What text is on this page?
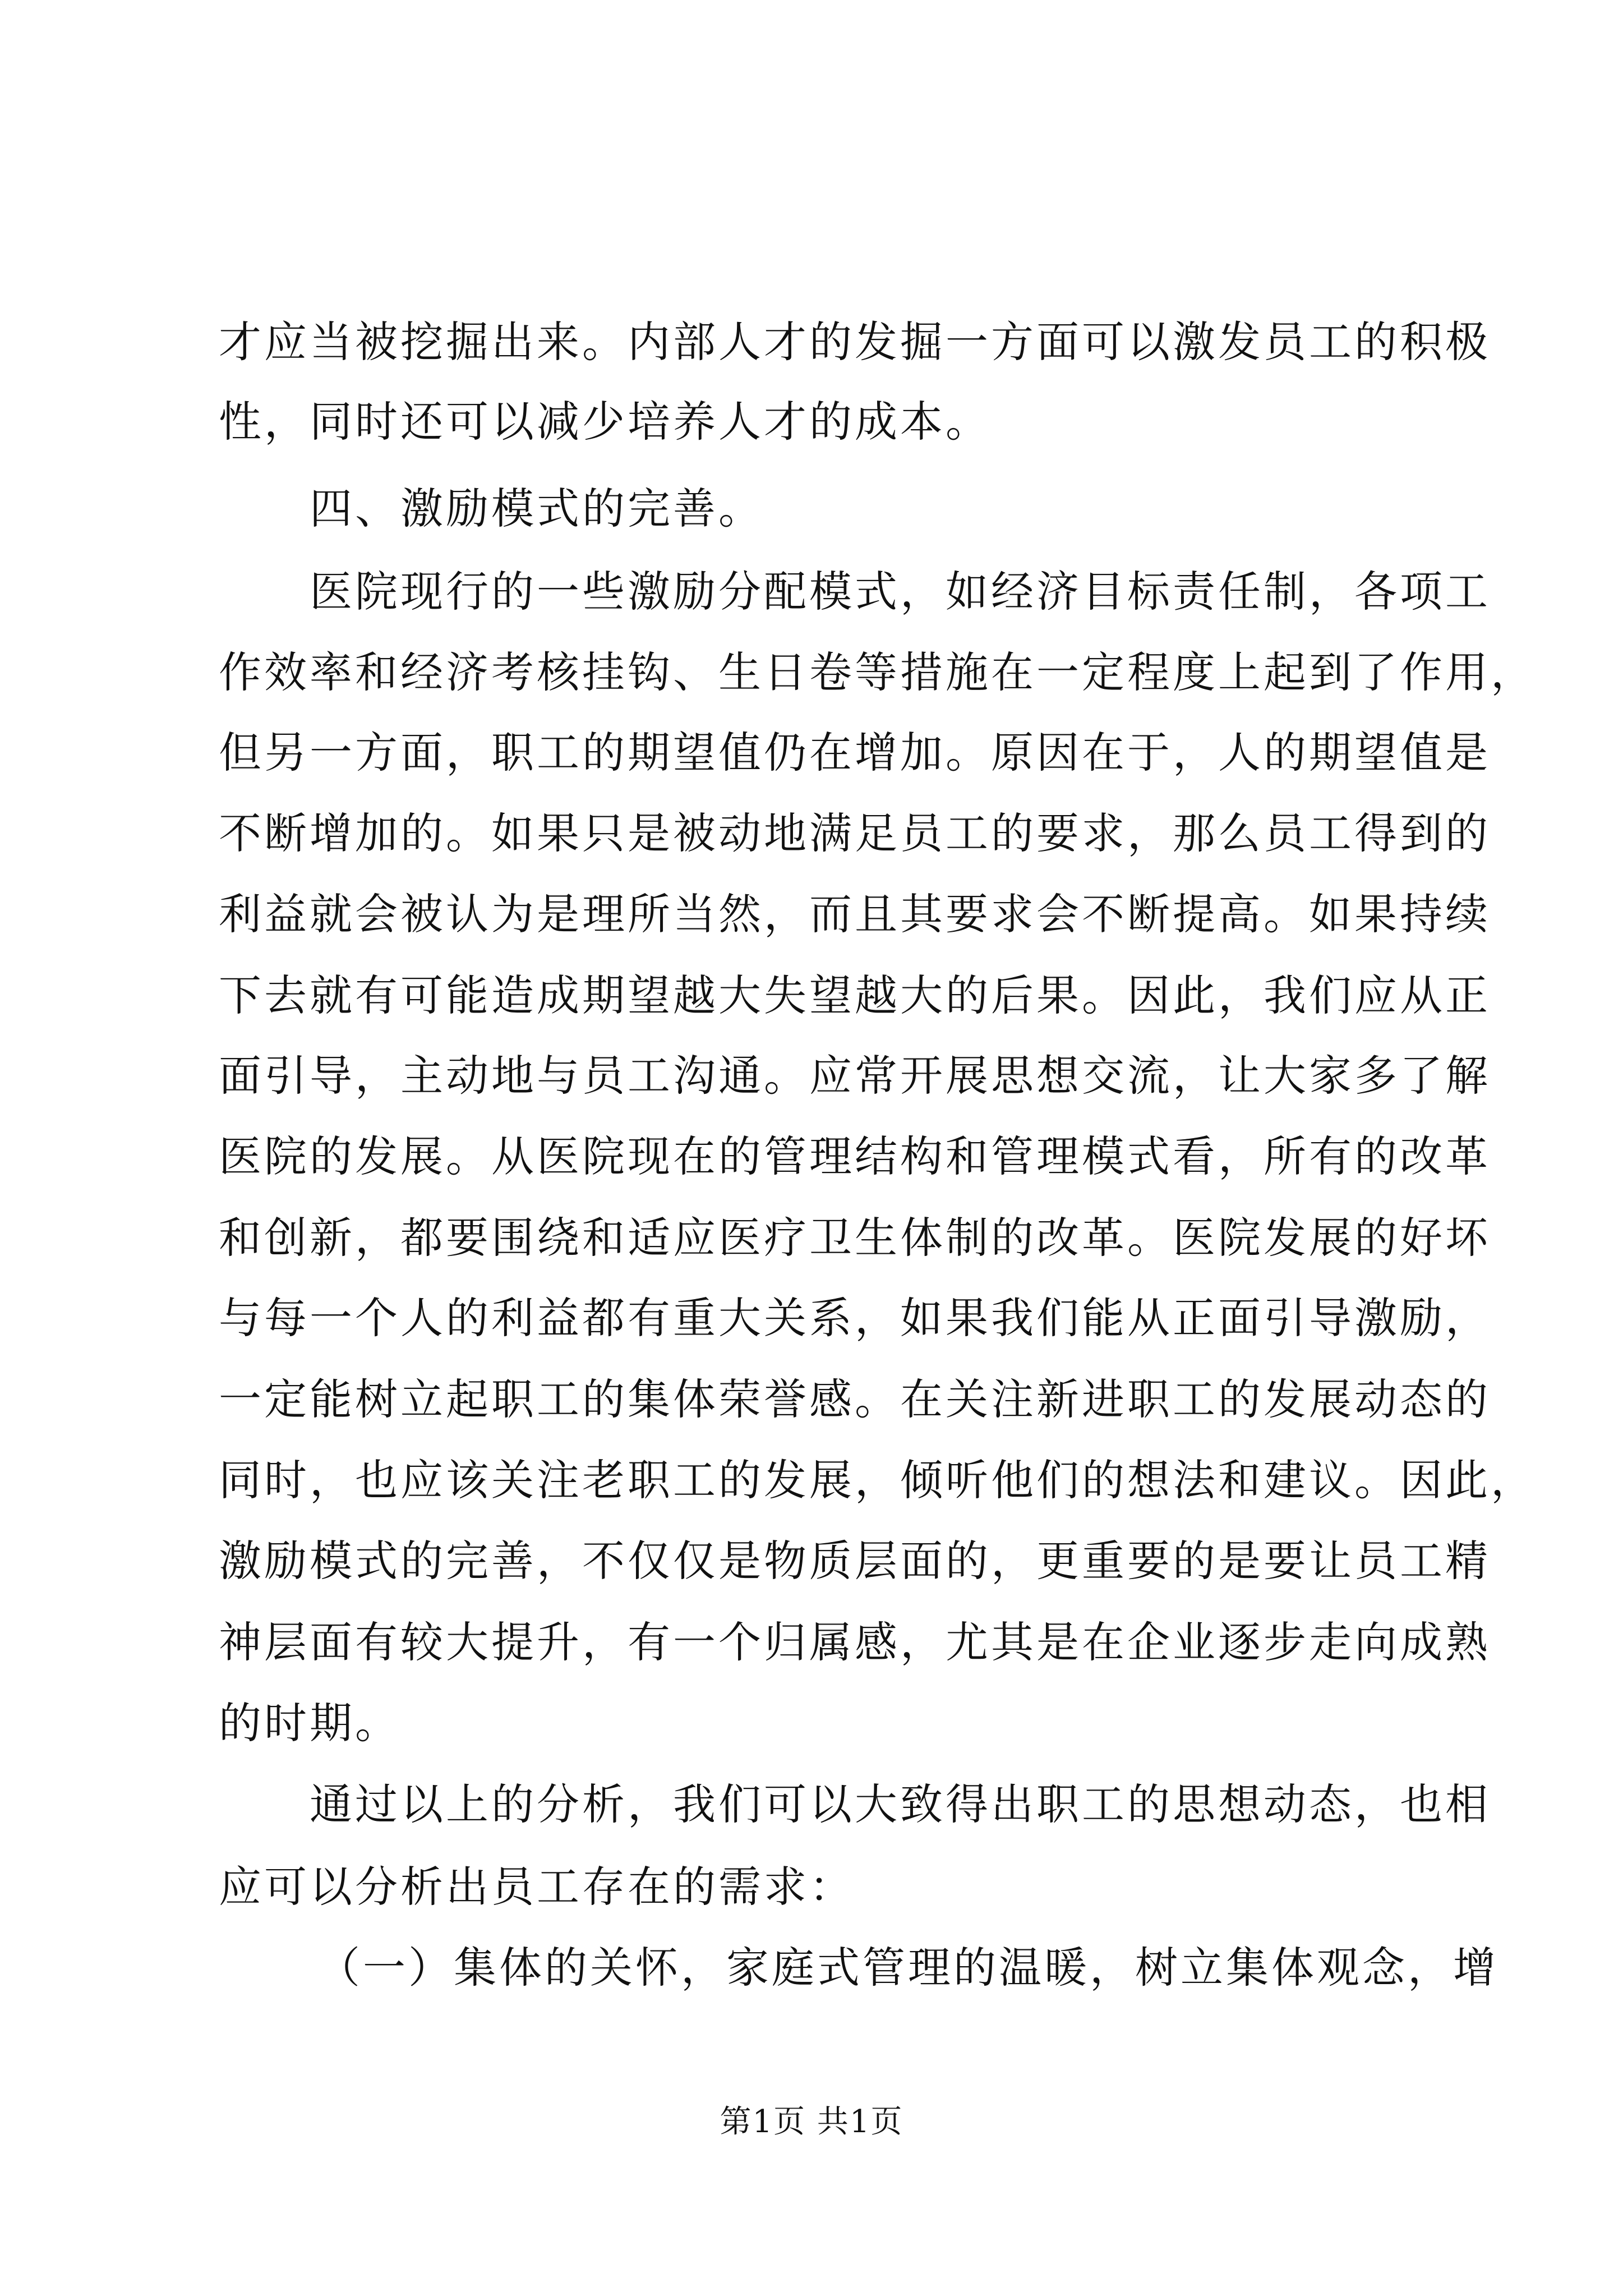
才应当被挖掘出来。内部人才的发掘一方面可以激发员工的积极
性，同时还可以减少培养人才的成本。
四、激励模式的完善。
医院现行的一些激励分配模式，如经济目标责任制，各项工
作效率和经济考核挂钩、生日卷等措施在一定程度上起到了作用，
但另一方面，职工的期望值仍在增加。原因在于，人的期望值是
不断增加的。如果只是被动地满足员工的要求，那么员工得到的
利益就会被认为是理所当然，而且其要求会不断提高。如果持续
下去就有可能造成期望越大失望越大的后果。因此，我们应从正
面引导，主动地与员工沟通。应常开展思想交流，让大家多了解
医院的发展。从医院现在的管理结构和管理模式看，所有的改革
和创新，都要围绕和适应医疗卫生体制的改革。医院发展的好坏
与每一个人的利益都有重大关系，如果我们能从正面引导激励，
一定能树立起职工的集体荣誉感。在关注新进职工的发展动态的
同时，也应该关注老职工的发展，倾听他们的想法和建议。因此，
激励模式的完善，不仅仅是物质层面的，更重要的是要让员工精
神层面有较大提升，有一个归属感，尤其是在企业逐步走向成熟
的时期。
通过以上的分析，我们可以大致得出职工的思想动态，也相
应可以分析出员工存在的需求：
（一）集体的关怀，家庭式管理的温暖，树立集体观念，增
第1页 共1页
